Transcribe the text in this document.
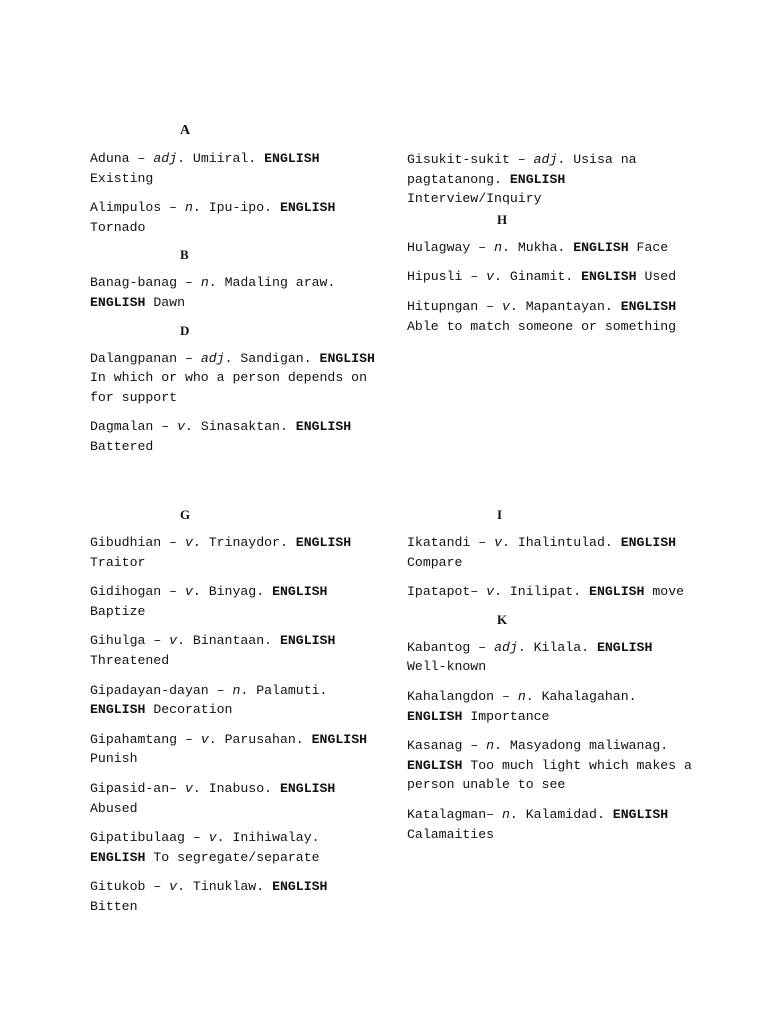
A
Aduna – adj. Umiiral. ENGLISH Existing
Alimpulos – n. Ipu-ipo. ENGLISH Tornado
B
Banag-banag – n. Madaling araw. ENGLISH Dawn
D
Dalangpanan – adj. Sandigan. ENGLISH In which or who a person depends on for support
Dagmalan – v. Sinasaktan. ENGLISH Battered
Gisukit-sukit – adj. Usisa na pagtatanong. ENGLISH Interview/Inquiry
H
Hulagway – n. Mukha. ENGLISH Face
Hipusli – v. Ginamit. ENGLISH Used
Hitupngan – v. Mapantayan. ENGLISH Able to match someone or something
G
Gibudhian – v. Trinaydor. ENGLISH Traitor
Gidihogan – v. Binyag. ENGLISH Baptize
Gihulga – v. Binantaan. ENGLISH Threatened
Gipadayan-dayan – n. Palamuti. ENGLISH Decoration
Gipahamtang – v. Parusahan. ENGLISH Punish
Gipasid-an– v. Inabuso. ENGLISH Abused
Gipatibulaag – v. Inihiwalay. ENGLISH To segregate/separate
Gitukob – v. Tinuklaw. ENGLISH Bitten
I
Ikatandi – v. Ihalintulad. ENGLISH Compare
Ipatapot– v. Inilipat. ENGLISH move
K
Kabantog – adj. Kilala. ENGLISH Well-known
Kahalangdon – n. Kahalagahan. ENGLISH Importance
Kasanag – n. Masyadong maliwanag. ENGLISH Too much light which makes a person unable to see
Katalagman– n. Kalamidad. ENGLISH Calamaities
